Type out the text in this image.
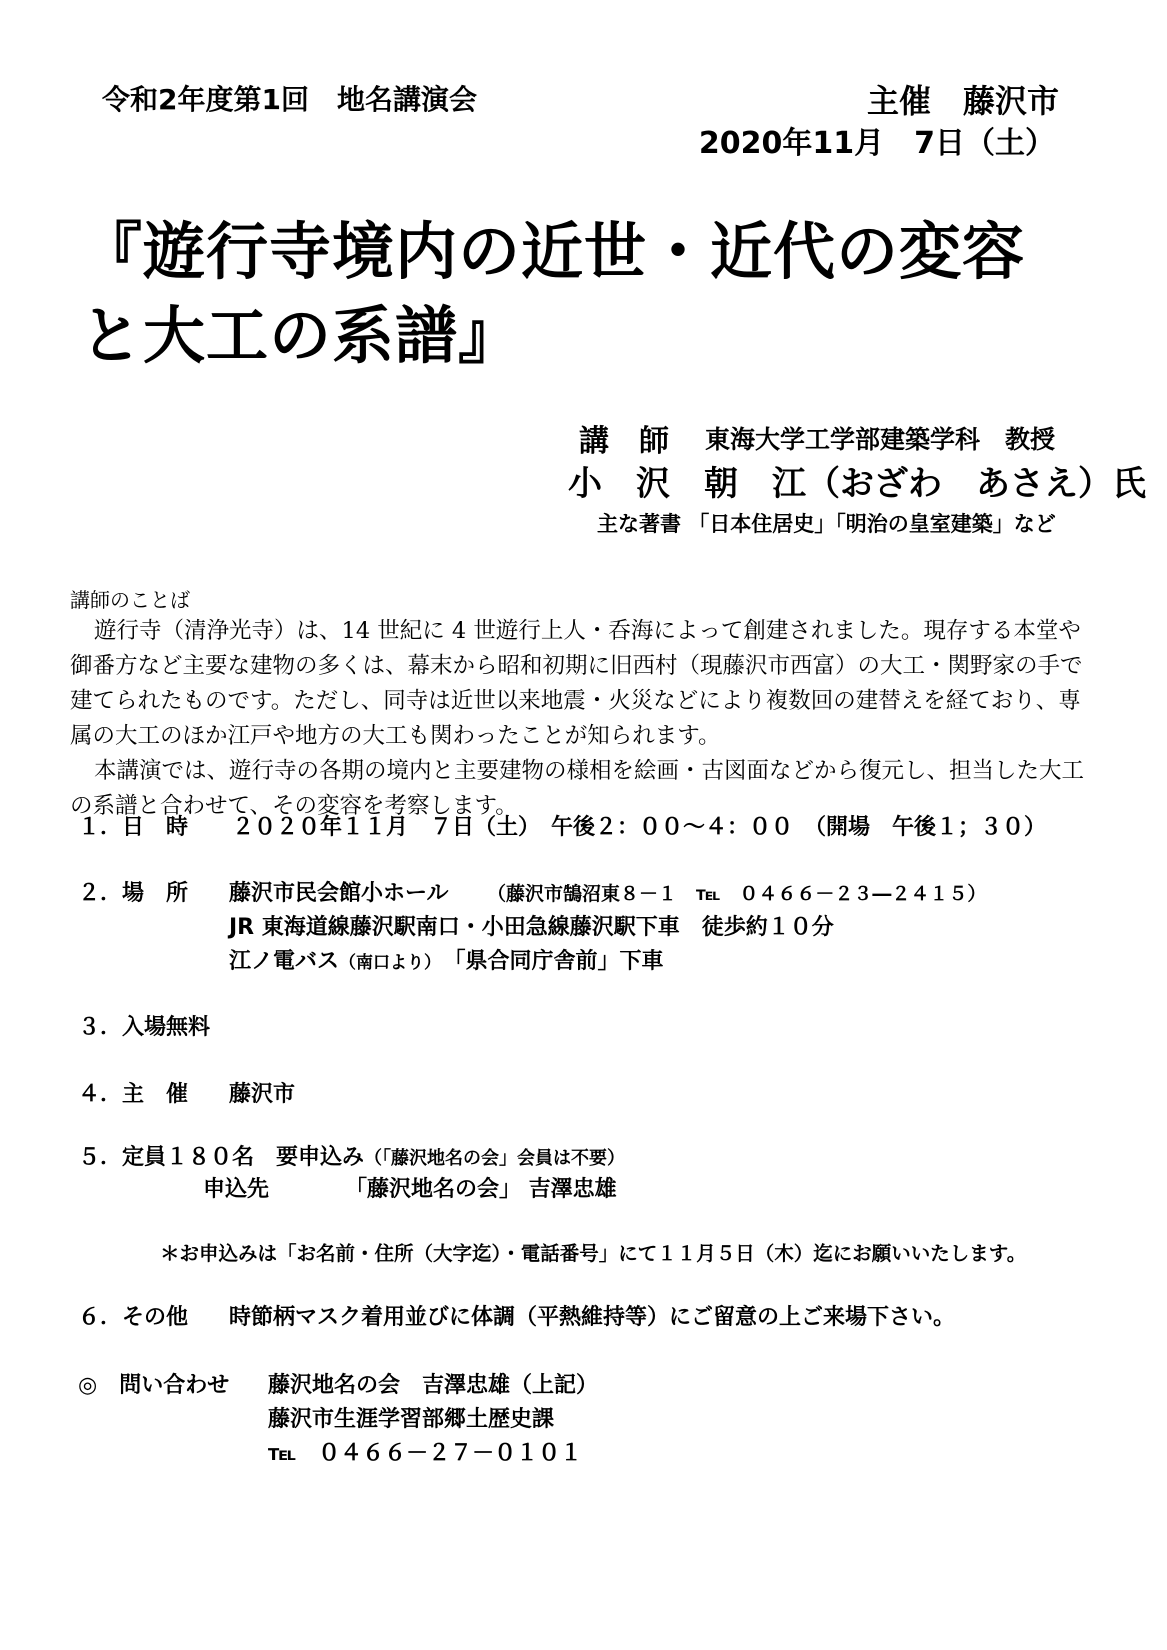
令和2年度第1回　地名講演会	主催　藤沢市
2020年11月　7日（土）
『遊行寺境内の近世・近代の変容
と大工の系譜』
講　師 東海大学工学部建築学科　教授
小　沢　朝　江（おざわ　あさえ）氏
主な著書 「日本住居史」「明治の皇室建築」など
講師のことば

遊行寺（清浄光寺）は、14 世紀に 4 世遊行上人・呑海によって創建されました。現存する本堂や御番方など主要な建物の多くは、幕末から昭和初期に旧西村（現藤沢市西富）の大工・関野家の手で建てられたものです。ただし、同寺は近世以来地震・火災などにより複数回の建替えを経ており、専属の大工のほか江戸や地方の大工も関わったことが知られます。

本講演では、遊行寺の各期の境内と主要建物の様相を絵画・古図面などから復元し、担当した大工の系譜と合わせて、その変容を考察します。

１．日　時　　２０２０年１１月　７日（土）　午後２：００～４：００　（開場　午後１；３０）
２．場　所 藤沢市民会館小ホール （藤沢市鵠沼東８－１　℡　０４６６－２３―２４１５）
JR 東海道線藤沢駅南口・小田急線藤沢駅下車　徒歩約１０分
江ノ電バス（南口より）　 「県合同庁舎前」下車
３．入場無料
４．主　催 藤沢市
５．定員１８０名　要申込み（「藤沢地名の会」会員は不要）
申込先	「藤沢地名の会」 吉澤忠雄
＊お申込みは「お名前・住所（大字迄）・電話番号」にて１１月５日（木）迄にお願いいたします。
６．その他 時節柄マスク着用並びに体調（平熱維持等）にご留意の上ご来場下さい。
◎　問い合わせ 藤沢地名の会　吉澤忠雄（上記）
藤沢市生涯学習部郷土歴史課
℡　０４６６－２７－０１０１
